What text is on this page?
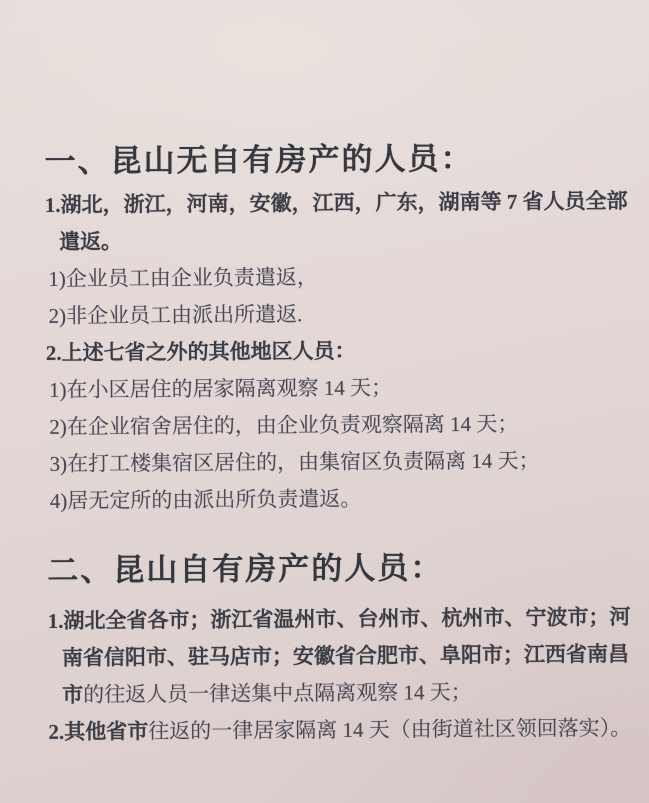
一、昆山无自有房产的人员：

1.湖北，浙江，河南，安徽，江西，广东，湖南等 7 省人员全部

遣返。

1)企业员工由企业负责遣返，

2)非企业员工由派出所遣返.

2.上述七省之外的其他地区人员：

1)在小区居住的居家隔离观察 14 天；

2)在企业宿舍居住的，由企业负责观察隔离 14 天；

3)在打工楼集宿区居住的，由集宿区负责隔离 14 天；

4)居无定所的由派出所负责遣返。

二、昆山自有房产的人员：

1.湖北全省各市；浙江省温州市、台州市、杭州市、宁波市；河

南省信阳市、驻马店市；安徽省合肥市、阜阳市；江西省南昌

市的往返人员一律送集中点隔离观察 14 天；

2.其他省市往返的一律居家隔离 14 天（由街道社区领回落实）。
